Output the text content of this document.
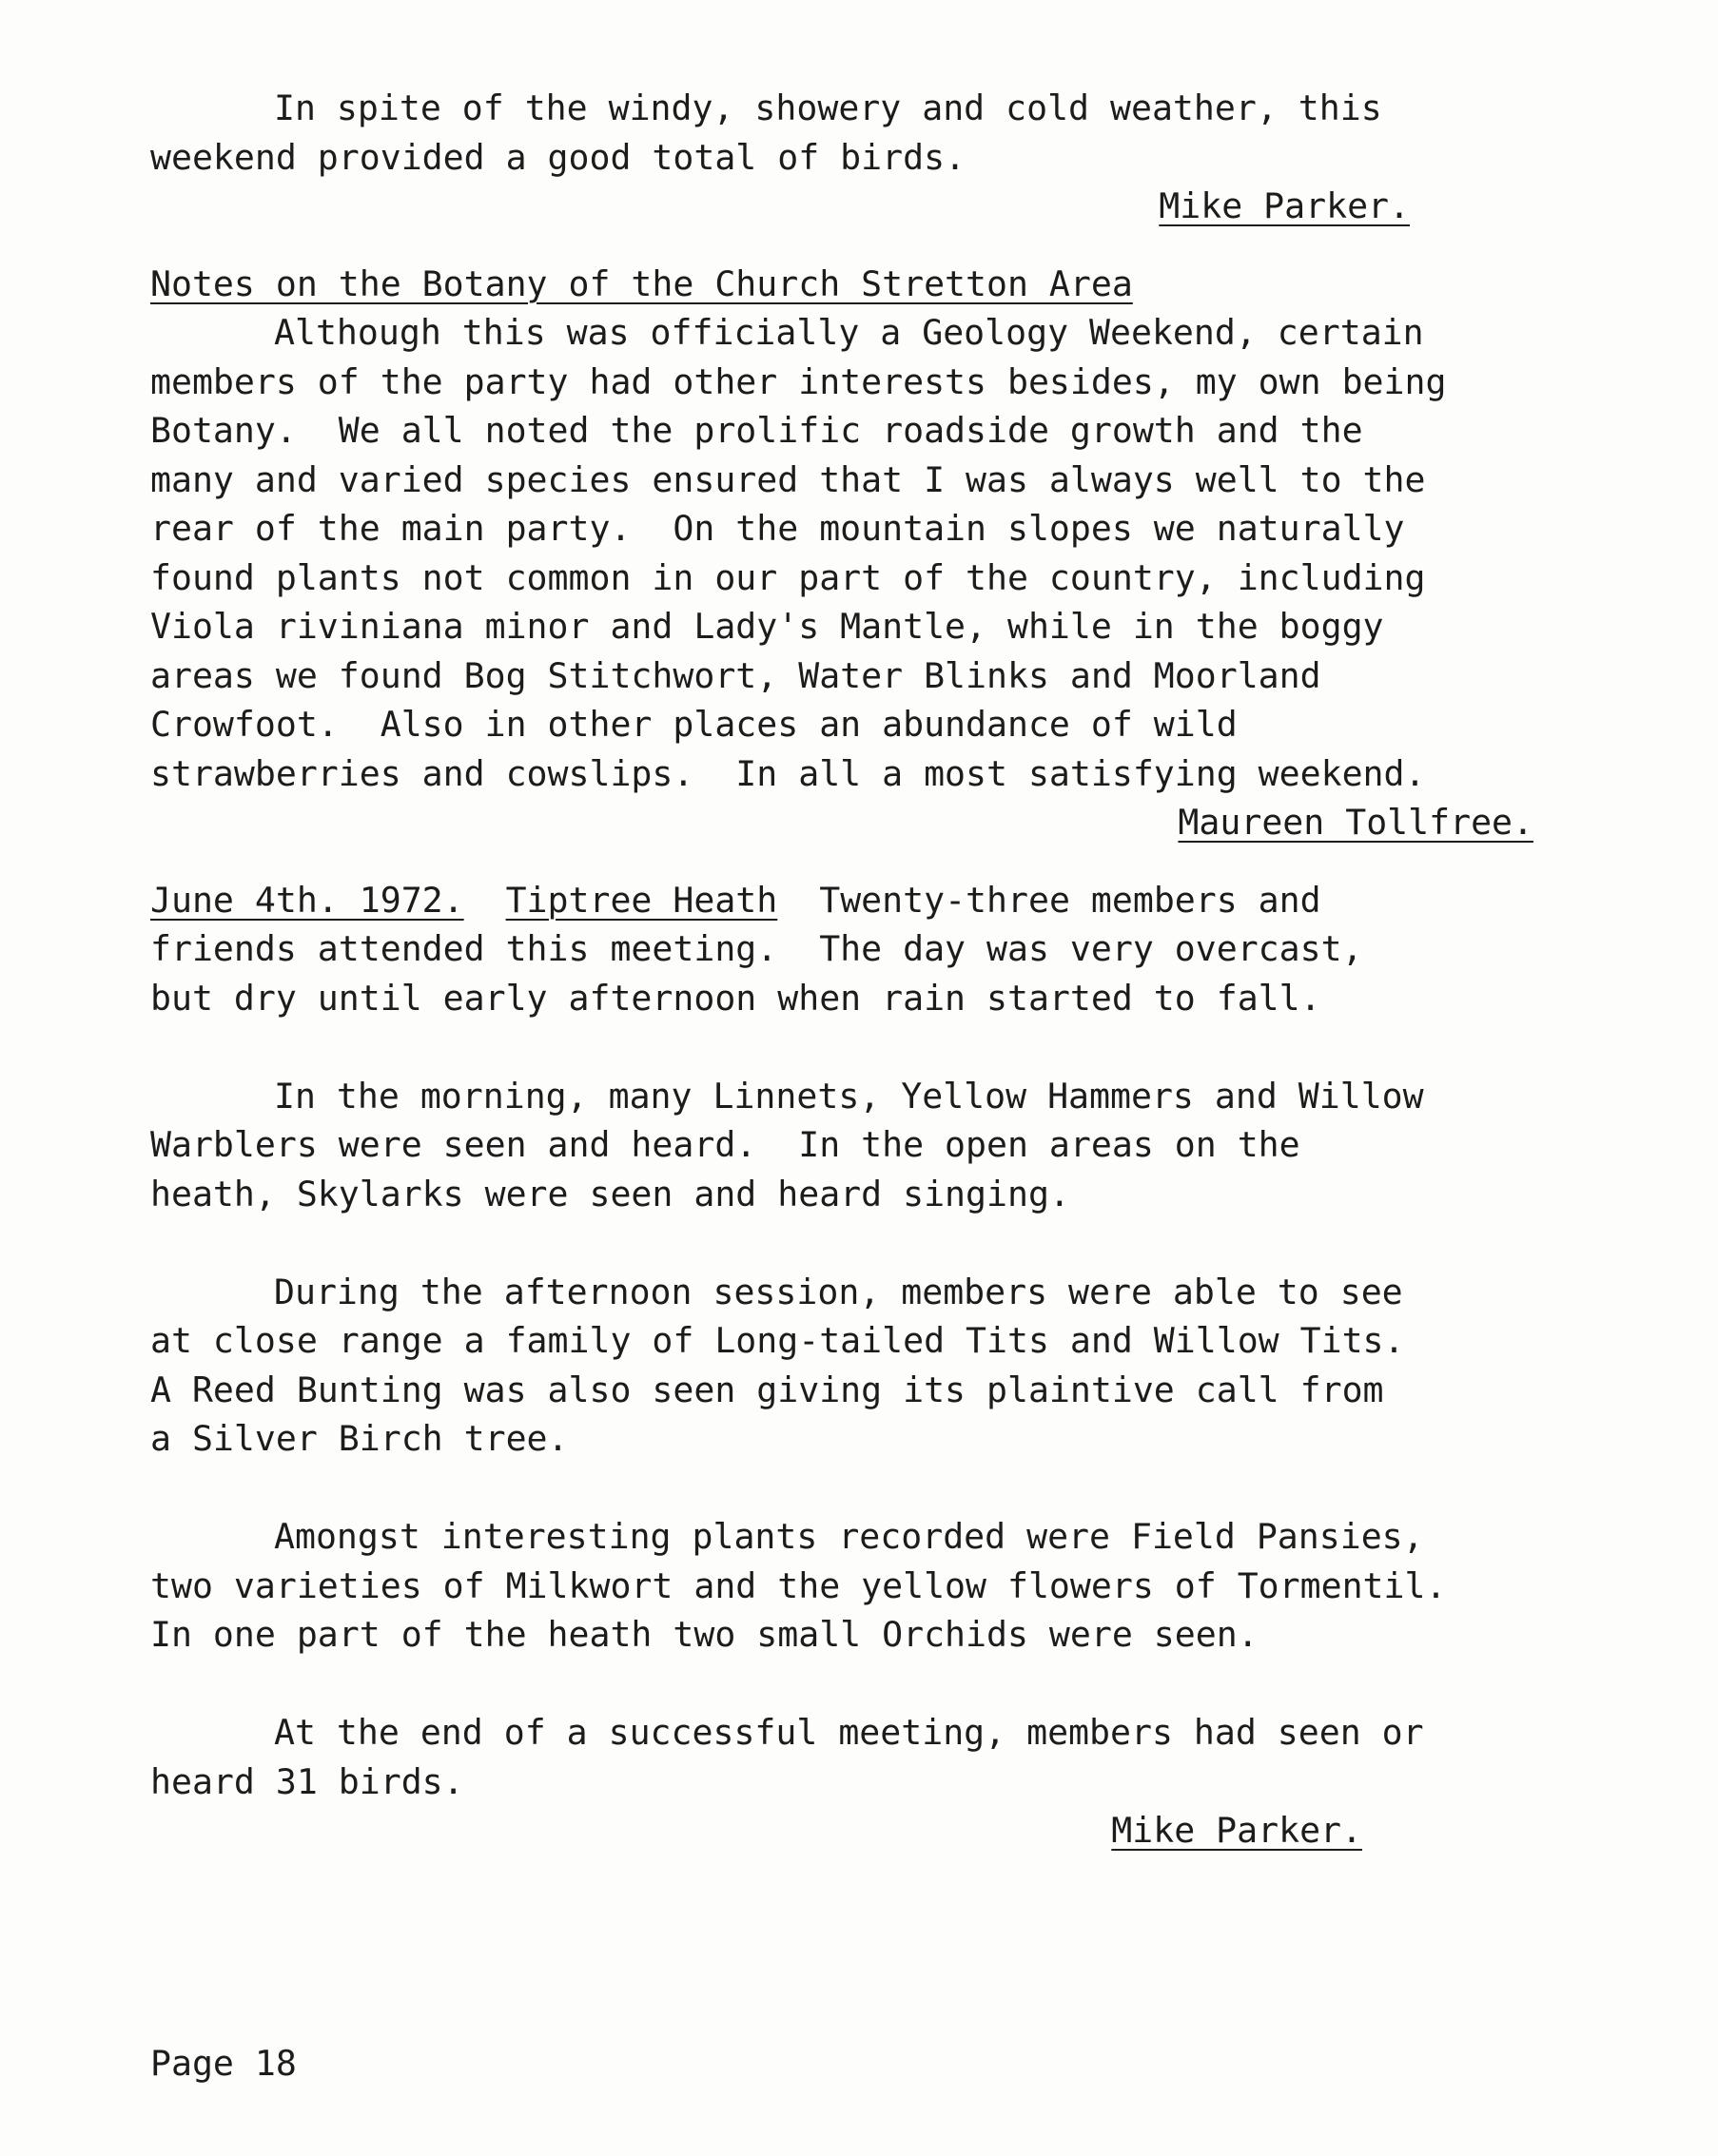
In spite of the windy, showery and cold weather, this
weekend provided a good total of birds.
Mike Parker.
Notes on the Botany of the Church Stretton Area
Although this was officially a Geology Weekend, certain
members of the party had other interests besides, my own being
Botany.  We all noted the prolific roadside growth and the
many and varied species ensured that I was always well to the
rear of the main party.  On the mountain slopes we naturally
found plants not common in our part of the country, including
Viola riviniana minor and Lady's Mantle, while in the boggy
areas we found Bog Stitchwort, Water Blinks and Moorland
Crowfoot.  Also in other places an abundance of wild
strawberries and cowslips.  In all a most satisfying weekend.
Maureen Tollfree.
June 4th. 1972. Tiptree Heath  Twenty-three members and
friends attended this meeting.  The day was very overcast,
but dry until early afternoon when rain started to fall.
In the morning, many Linnets, Yellow Hammers and Willow
Warblers were seen and heard.  In the open areas on the
heath, Skylarks were seen and heard singing.
During the afternoon session, members were able to see
at close range a family of Long-tailed Tits and Willow Tits.
A Reed Bunting was also seen giving its plaintive call from
a Silver Birch tree.
Amongst interesting plants recorded were Field Pansies,
two varieties of Milkwort and the yellow flowers of Tormentil.
In one part of the heath two small Orchids were seen.
At the end of a successful meeting, members had seen or
heard 31 birds.
Mike Parker.
Page 18
